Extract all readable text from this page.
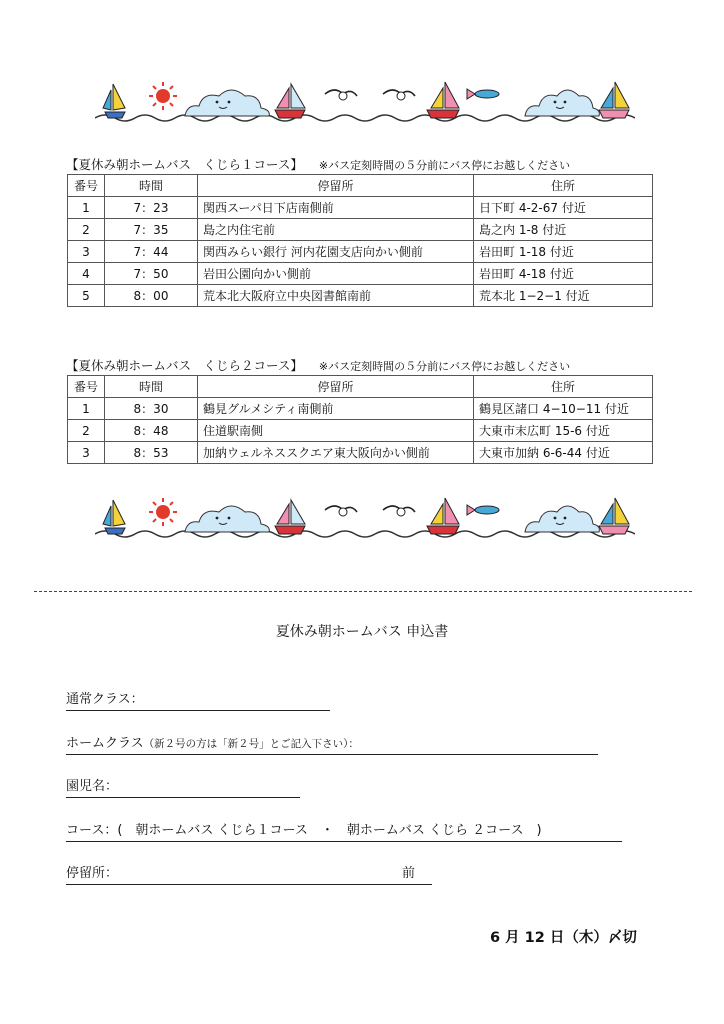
【夏休み朝ホームバス　くじら１コース】 ※バス定刻時間の５分前にバス停にお越しください
番号	時間	停留所	住所
1	7：23	関西スーパ日下店南側前	日下町 4-2-67 付近
2	7：35	島之内住宅前	島之内 1-8 付近
3	7：44	関西みらい銀行 河内花園支店向かい側前	岩田町 1-18 付近
4	7：50	岩田公園向かい側前	岩田町 4-18 付近
5	8：00	荒本北大阪府立中央図書館南前	荒本北 1−2−1 付近
【夏休み朝ホームバス　くじら２コース】 ※バス定刻時間の５分前にバス停にお越しください
番号	時間	停留所	住所
1	8：30	鶴見グルメシティ南側前	鶴見区諸口 4−10−11 付近
2	8：48	住道駅南側	大東市末広町 15-6 付近
3	8：53	加納ウェルネススクエア東大阪向かい側前	大東市加納 6-6-44 付近
夏休み朝ホームバス 申込書
通常クラス：
ホームクラス（新２号の方は「新２号」とご記入下さい）：
園児名：
コース：(　朝ホームバス くじら１コース　・　朝ホームバス くじら ２コース　)
停留所：	前
6 月 12 日（木）〆切
